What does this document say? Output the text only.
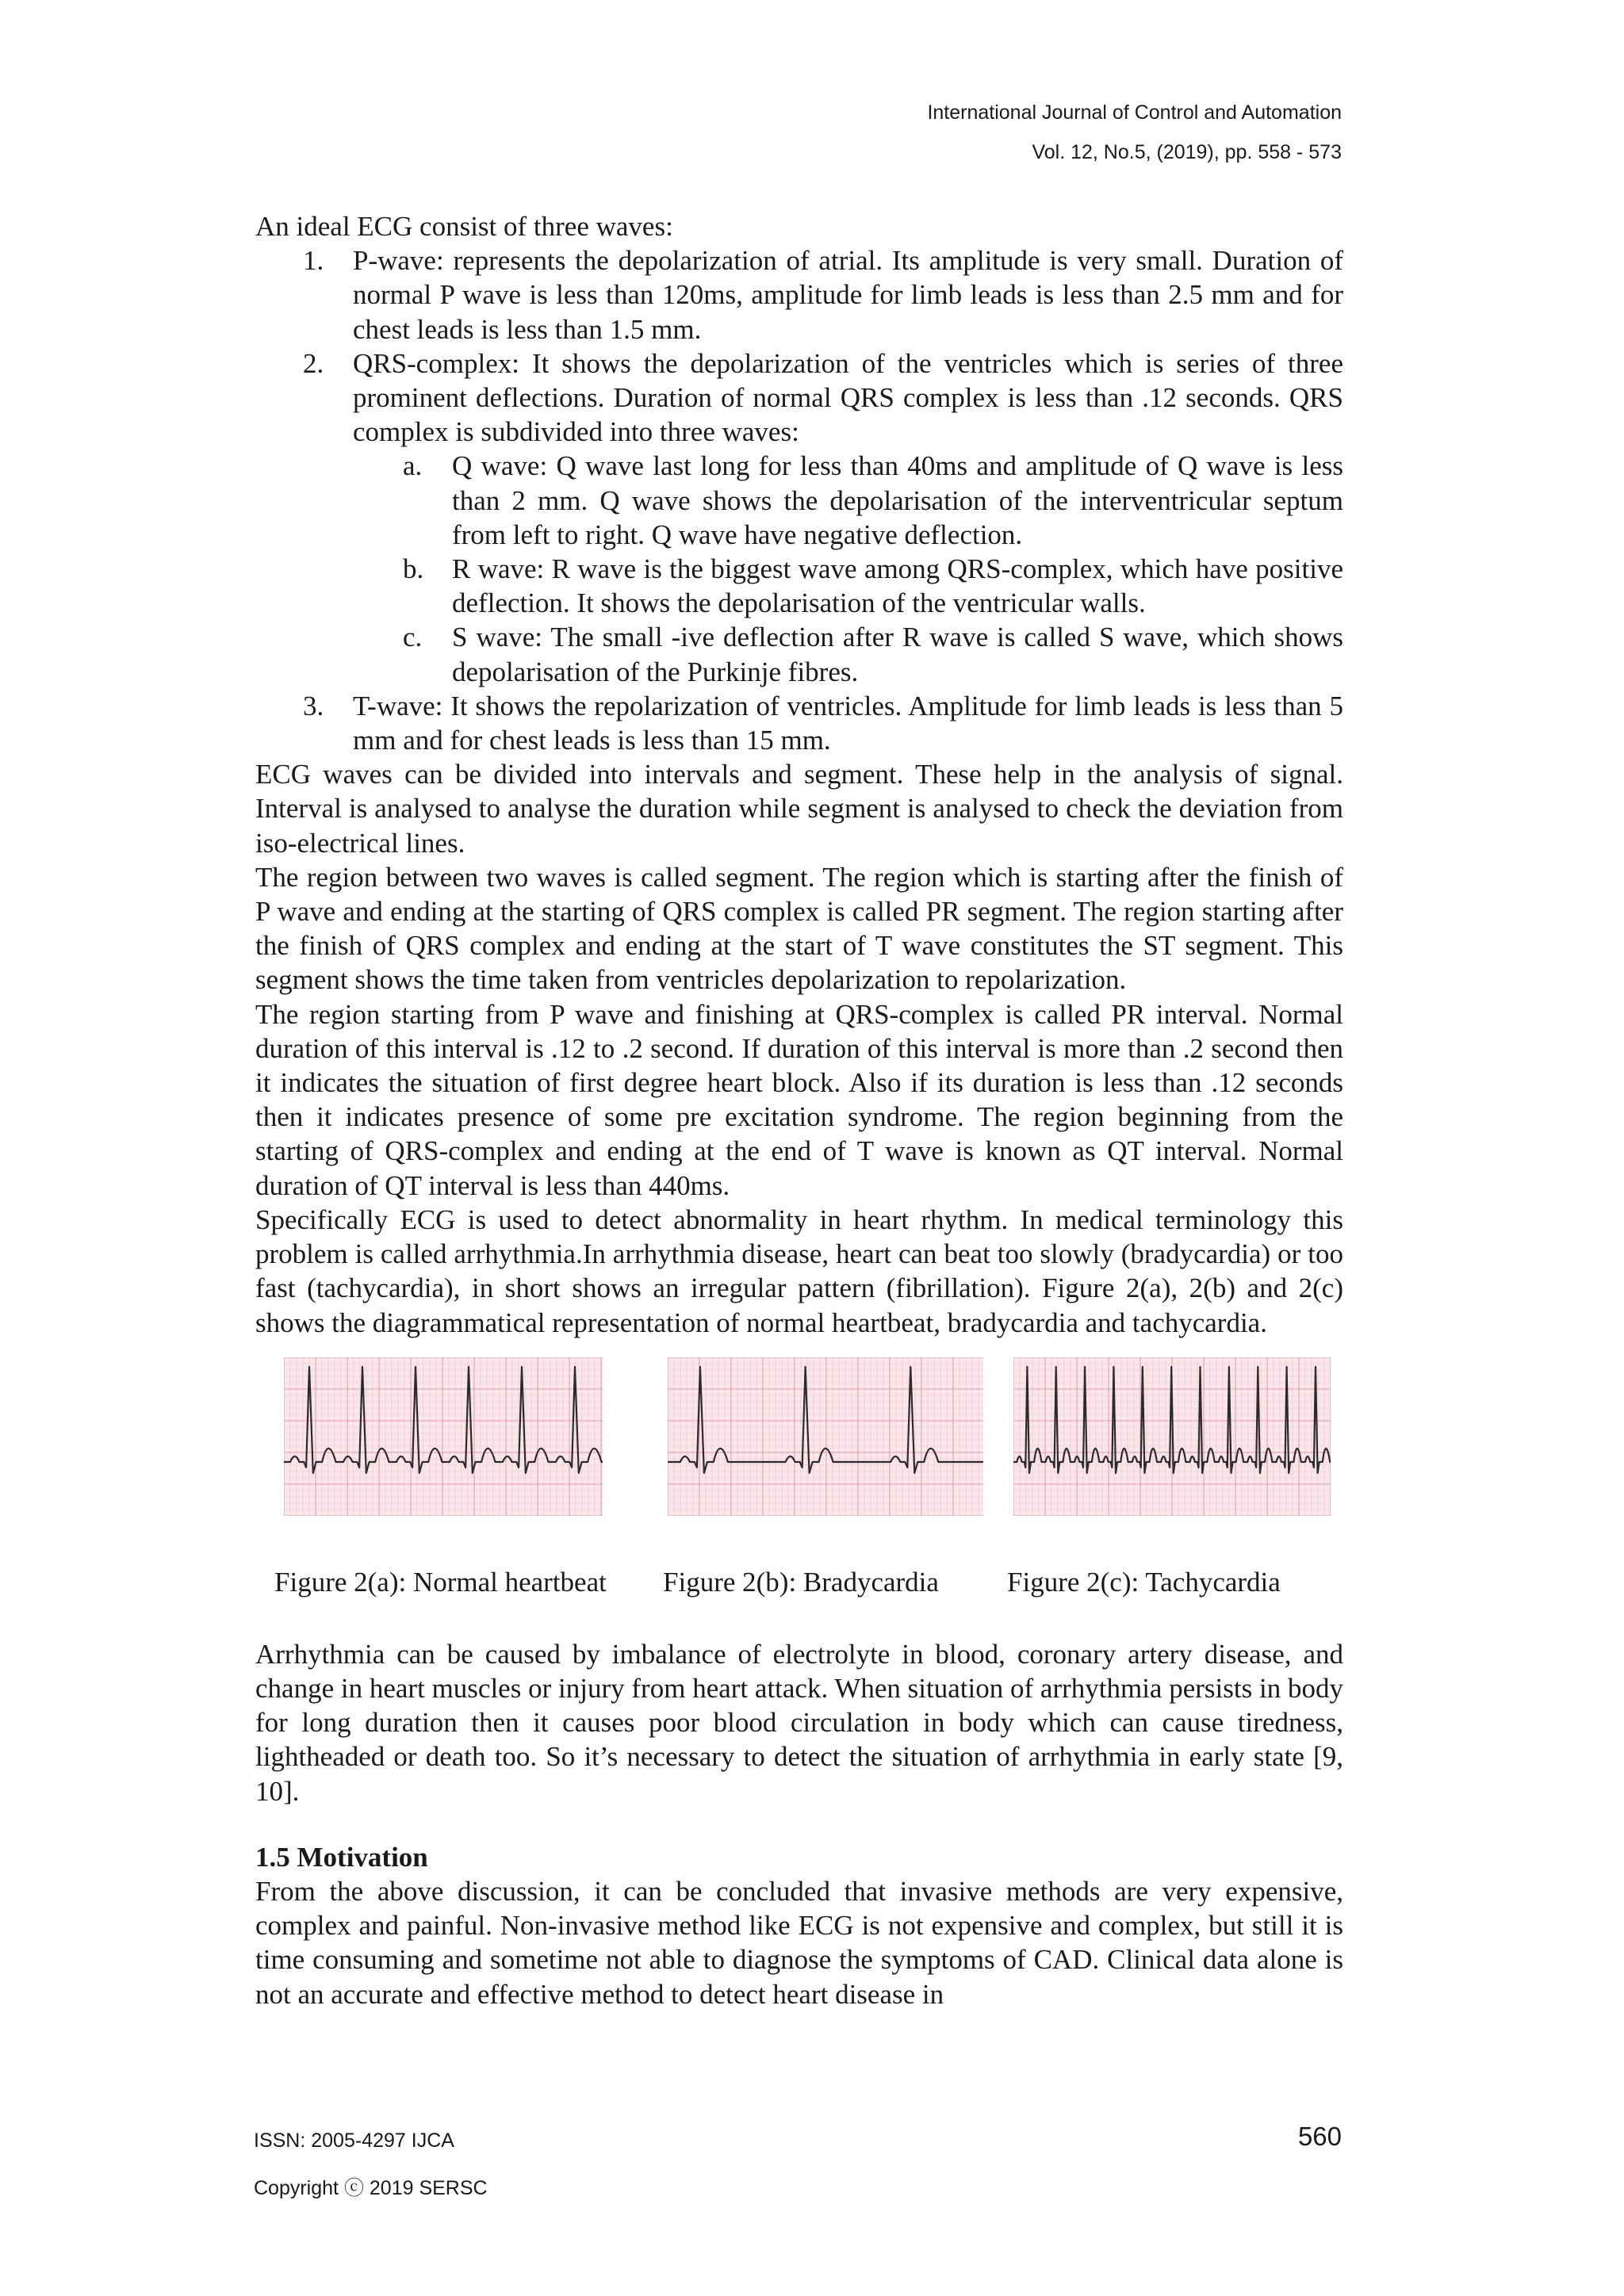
International Journal of Control and Automation
Vol. 12, No.5, (2019), pp. 558 - 573

An ideal ECG consist of three waves:

1. P-wave: represents the depolarization of atrial. Its amplitude is very small. Duration of normal P wave is less than 120ms, amplitude for limb leads is less than 2.5 mm and for chest leads is less than 1.5 mm.
2. QRS-complex: It shows the depolarization of the ventricles which is series of three prominent deflections. Duration of normal QRS complex is less than .12 seconds. QRS complex is subdivided into three waves:
a. Q wave: Q wave last long for less than 40ms and amplitude of Q wave is less than 2 mm. Q wave shows the depolarisation of the interventricular septum from left to right. Q wave have negative deflection.
b. R wave: R wave is the biggest wave among QRS-complex, which have positive deflection. It shows the depolarisation of the ventricular walls.
c. S wave: The small -ive deflection after R wave is called S wave, which shows depolarisation of the Purkinje fibres.
3. T-wave: It shows the repolarization of ventricles. Amplitude for limb leads is less than 5 mm and for chest leads is less than 15 mm.

ECG waves can be divided into intervals and segment. These help in the analysis of signal. Interval is analysed to analyse the duration while segment is analysed to check the deviation from iso-electrical lines.

The region between two waves is called segment. The region which is starting after the finish of P wave and ending at the starting of QRS complex is called PR segment. The region starting after the finish of QRS complex and ending at the start of T wave constitutes the ST segment. This segment shows the time taken from ventricles depolarization to repolarization.

The region starting from P wave and finishing at QRS-complex is called PR interval. Normal duration of this interval is .12 to .2 second. If duration of this interval is more than .2 second then it indicates the situation of first degree heart block. Also if its duration is less than .12 seconds then it indicates presence of some pre excitation syndrome. The region beginning from the starting of QRS-complex and ending at the end of T wave is known as QT interval. Normal duration of QT interval is less than 440ms.

Specifically ECG is used to detect abnormality in heart rhythm. In medical terminology this problem is called arrhythmia.In arrhythmia disease, heart can beat too slowly (bradycardia) or too fast (tachycardia), in short shows an irregular pattern (fibrillation). Figure 2(a), 2(b) and 2(c) shows the diagrammatical representation of normal heartbeat, bradycardia and tachycardia.

Figure 2(a): Normal heartbeat Figure 2(b): Bradycardia Figure 2(c): Tachycardia

Arrhythmia can be caused by imbalance of electrolyte in blood, coronary artery disease, and change in heart muscles or injury from heart attack. When situation of arrhythmia persists in body for long duration then it causes poor blood circulation in body which can cause tiredness, lightheaded or death too. So it’s necessary to detect the situation of arrhythmia in early state [9, 10].

1.5 Motivation

From the above discussion, it can be concluded that invasive methods are very expensive, complex and painful. Non-invasive method like ECG is not expensive and complex, but still it is time consuming and sometime not able to diagnose the symptoms of CAD. Clinical data alone is not an accurate and effective method to detect heart disease in

ISSN: 2005-4297 IJCA
Copyright ⓒ 2019 SERSC
560
